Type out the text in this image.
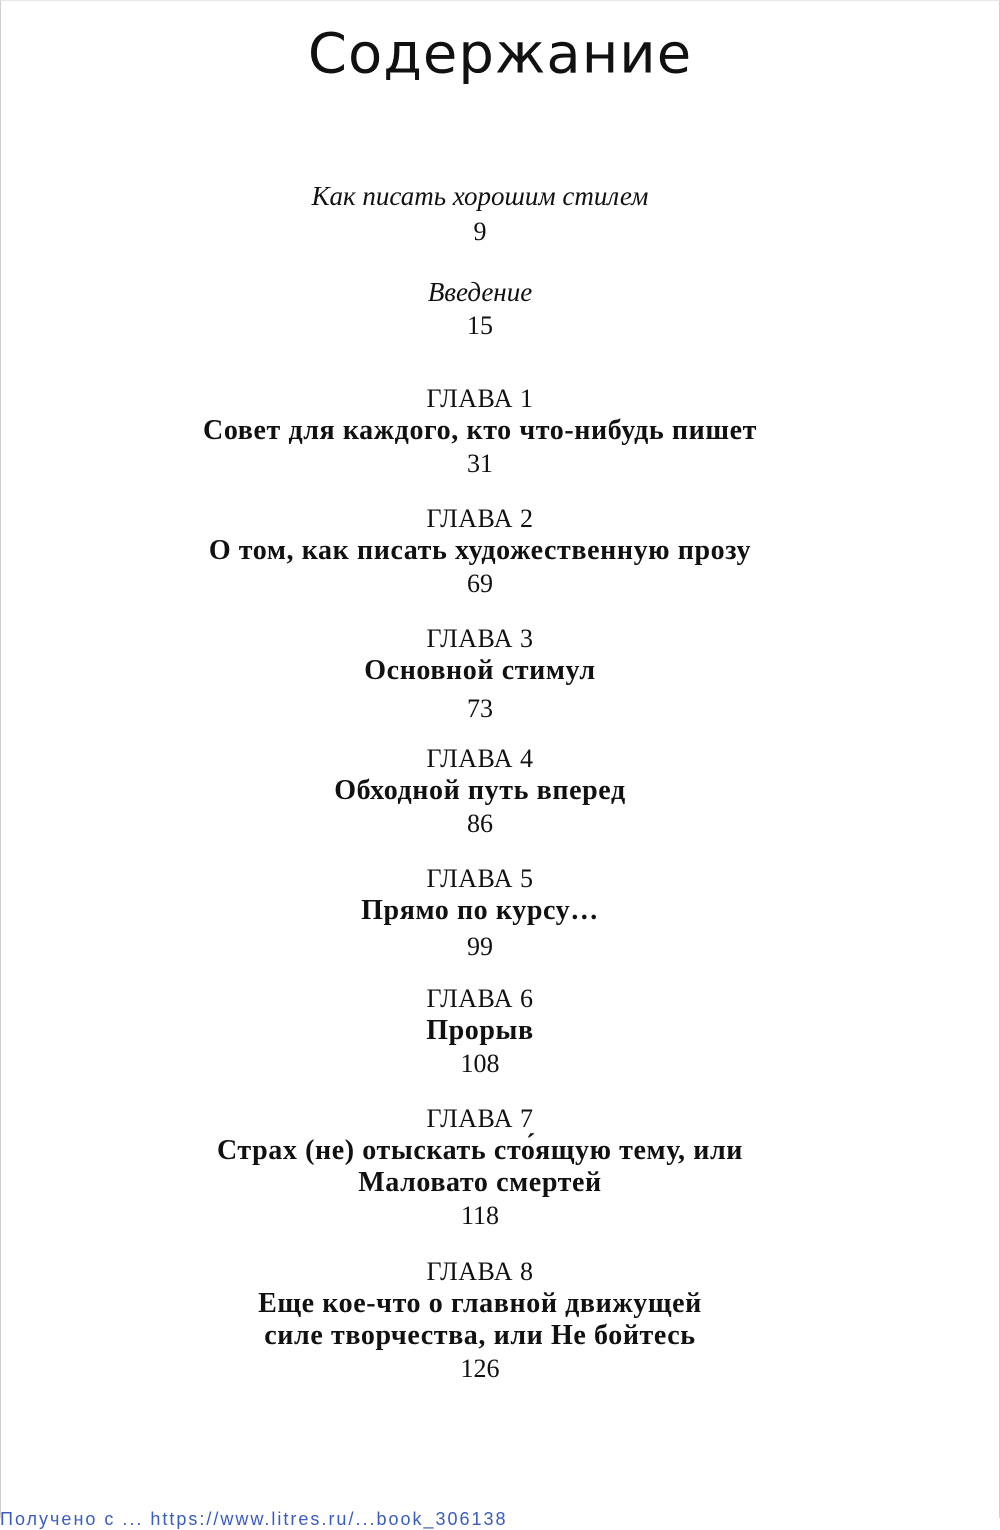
Содержание
Как писать хорошим стилем
9
Введение
15
ГЛАВА 1
Совет для каждого, кто что-нибудь пишет
31
ГЛАВА 2
О том, как писать художественную прозу
69
ГЛАВА 3
Основной стимул
73
ГЛАВА 4
Обходной путь вперед
86
ГЛАВА 5
Прямо по курсу…
99
ГЛАВА 6
Прорыв
108
ГЛАВА 7
Страх (не) отыскать сто́ящую тему, или
Маловато смертей
118
ГЛАВА 8
Еще кое-что о главной движущей
силе творчества, или Не бойтесь
126
Получено с ... https://www.litres.ru/...book_306138
